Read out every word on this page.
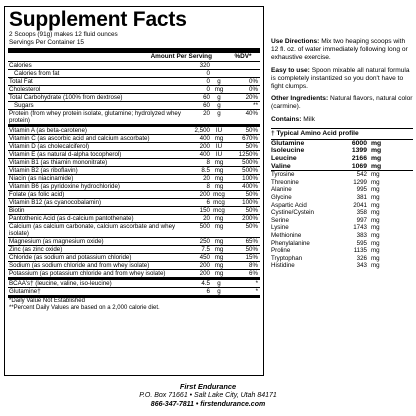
Supplement Facts
2 Scoops (91g) makes 12 fluid ounces
Servings Per Container 15
Amount Per Serving	%DV*
Calories	320
Calories from fat	0
Total Fat	0	g	0%
Cholesterol	0 mg	0%
Total Carbohydrate (100% from dextrose)	60	g	20%
Sugars	60	g	**
Protein (from whey protein isolate, glutamine; hydrolyzed whey protein)
20	g	40%
Vitamin A (as beta-carotene)	2,500 IU	50%
Vitamin C (as ascorbic acid and calcium ascorbate)	400 mg	670%
Vitamin D (as cholecalciferol)	200 IU	50%
Vitamin E (as natural d-alpha tocopherol)	400 IU	1250%
Vitamin B1 (as thiamin mononitrate)	8 mg	500%
Vitamin B2 (as riboflavin)	8.5 mg	500%
Niacin (as niacinamide)	20 mg	100%
Vitamin B6 (as pyridoxine hydrochloride)	8 mg	400%
Folate (as folic acid)	200 mcg	50%
Vitamin B12 (as cyanocobalamin)	6 mcg	100%
Biotin	150 mcg	50%
Pantothenic Acid (as d-calcium pantothenate)	20 mg	200%
Calcium (as calcium carbonate, calcium ascorbate and whey isolate)
500 mg	50%
Magnesium (as magnesium oxide)	250 mg	65%
Zinc (as zinc oxide)	7.5 mg	50%
Chloride (as sodium and potassium chloride)	450 mg	15%
Sodium (as sodium chloride and from whey isolate)	200 mg	8%
Potassium (as potassium chloride and from whey isolate)	200 mg	6%
BCAA's† (leucine, valine, iso-leucine)	4.5	g	*
Glutamine†	6	g	*
*Daily Value Not Established
**Percent Daily Values are based on a 2,000 calorie diet.

Use Directions: Mix two heaping scoops with 12 fl. oz. of water immediately following long or exhaustive exercise.

Easy to use: Spoon mixable all natural formula is completely instantized so you don't have to fight clumps.

Other Ingredients: Natural flavors, natural color (carmine).

Contains: Milk

† Typical Amino Acid profile
Glutamine	6000 mg
Isoleucine	1399 mg
Leucine	2166 mg
Valine	1069 mg
Tyrosine	542 mg
Threonine	1299 mg
Alanine	995 mg
Glycine	381 mg
Aspartic Acid	2041 mg
Cystine/Cystein	358 mg
Serine	997 mg
Lysine	1743 mg
Methionine	383 mg
Phenylalanine	595 mg
Proline	1135 mg
Tryptophan	326 mg
Histidine	343 mg
First Endurance
P.O. Box 71661 • Salt Lake City, Utah 84171
866-347-7811 • firstendurance.com
